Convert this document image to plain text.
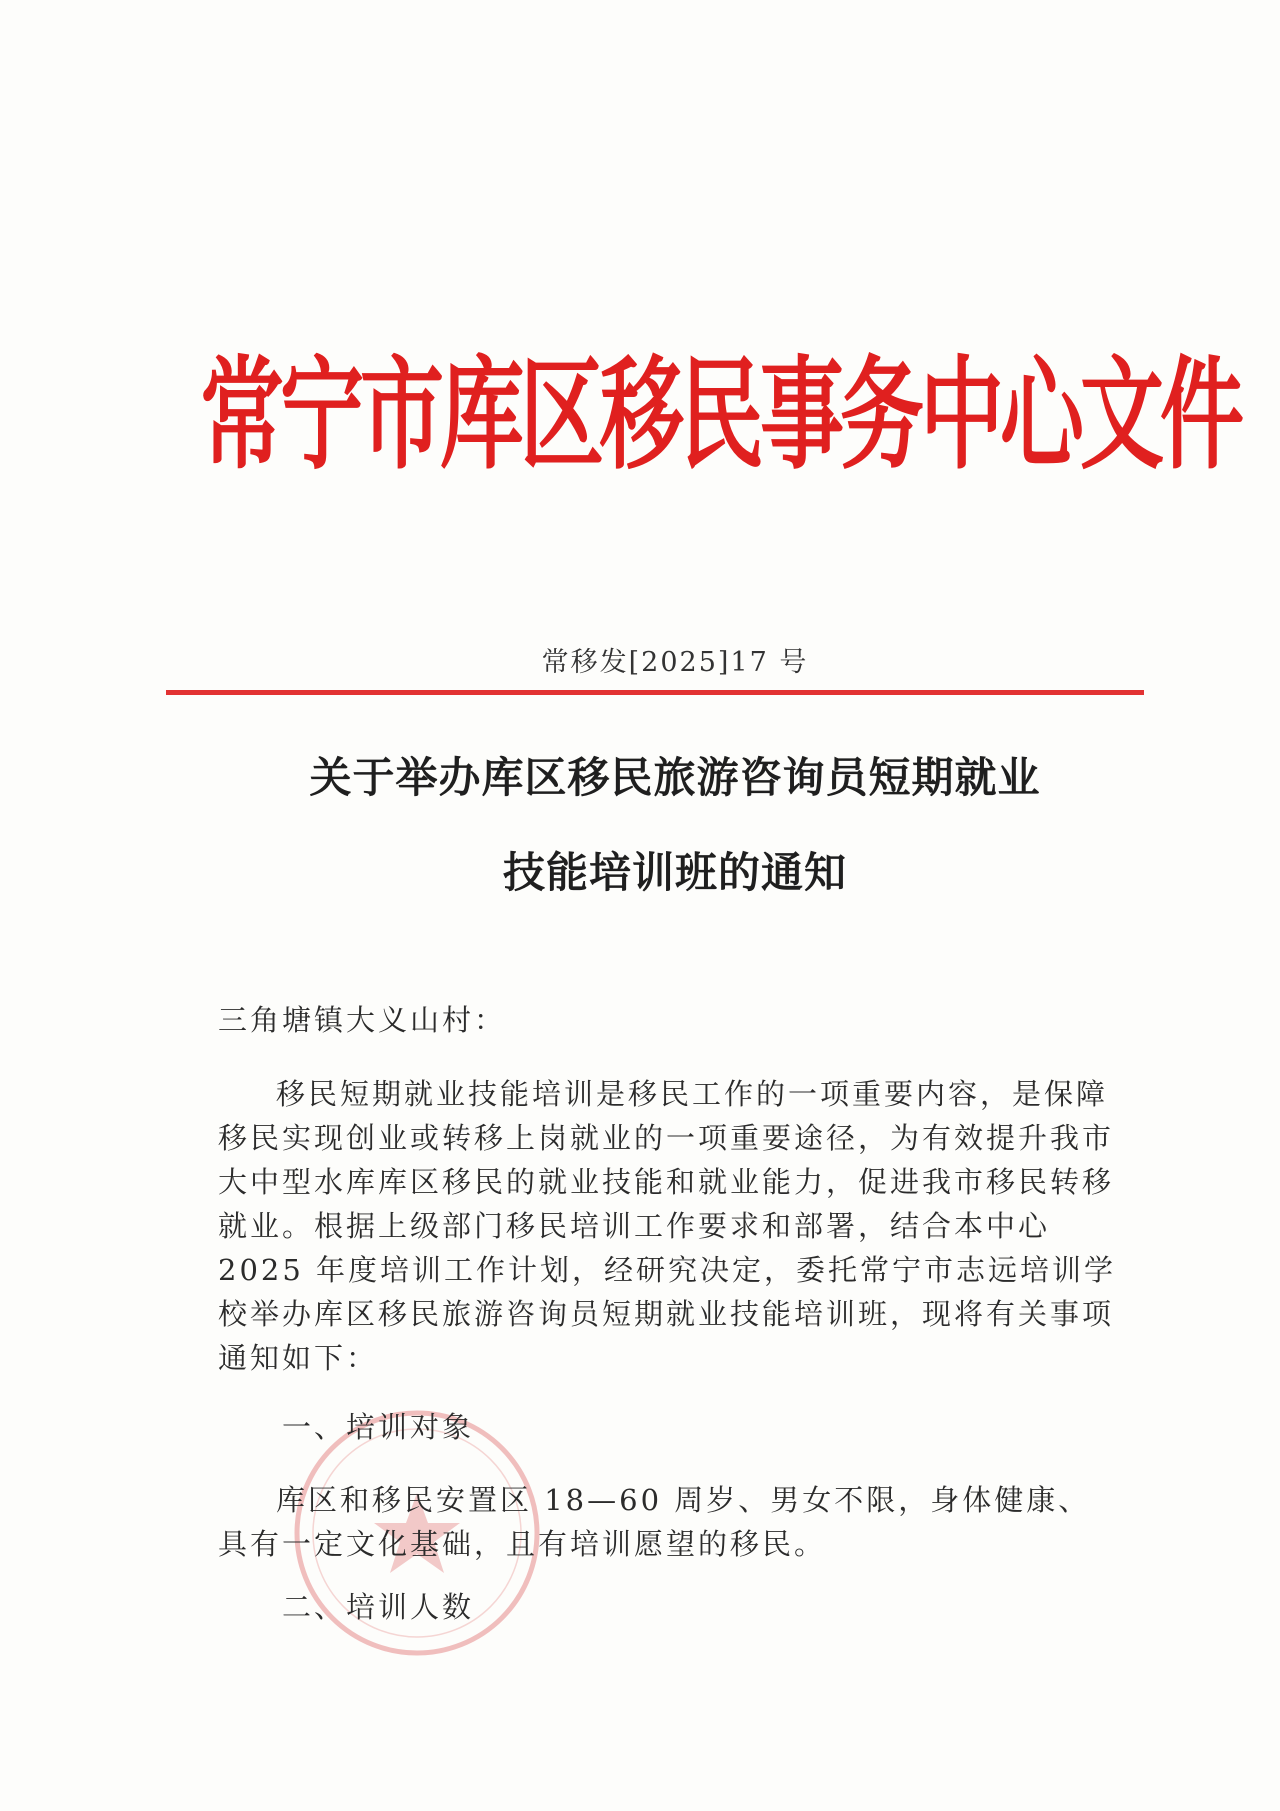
常宁市库区移民事务中心文件
常移发[2025]17 号
关于举办库区移民旅游咨询员短期就业
技能培训班的通知
三角塘镇大义山村：
移民短期就业技能培训是移民工作的一项重要内容，是保障移民实现创业或转移上岗就业的一项重要途径，为有效提升我市大中型水库库区移民的就业技能和就业能力，促进我市移民转移就业。根据上级部门移民培训工作要求和部署，结合本中心 2025 年度培训工作计划，经研究决定，委托常宁市志远培训学校举办库区移民旅游咨询员短期就业技能培训班，现将有关事项通知如下：
一、培训对象
库区和移民安置区 18—60 周岁、男女不限，身体健康、具有一定文化基础，且有培训愿望的移民。
二、培训人数
